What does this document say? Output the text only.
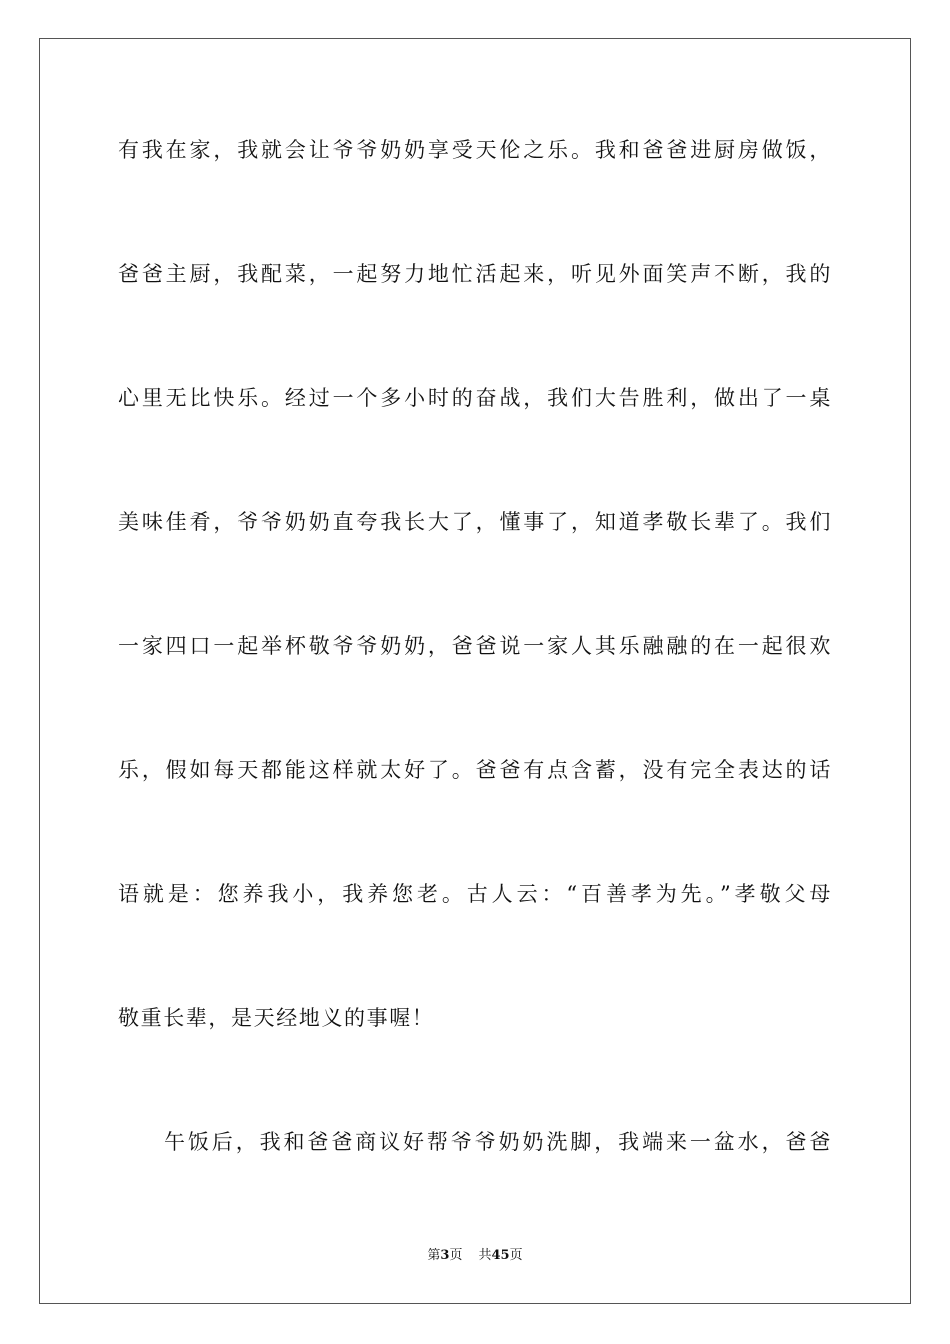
有我在家，我就会让爷爷奶奶享受天伦之乐。我和爸爸进厨房做饭，
爸爸主厨，我配菜，一起努力地忙活起来，听见外面笑声不断，我的
心里无比快乐。经过一个多小时的奋战，我们大告胜利，做出了一桌
美味佳肴，爷爷奶奶直夸我长大了，懂事了，知道孝敬长辈了。我们
一家四口一起举杯敬爷爷奶奶，爸爸说一家人其乐融融的在一起很欢
乐，假如每天都能这样就太好了。爸爸有点含蓄，没有完全表达的话
语就是：您养我小，我养您老。古人云：“百善孝为先。”孝敬父母
敬重长辈，是天经地义的事喔！
午饭后，我和爸爸商议好帮爷爷奶奶洗脚，我端来一盆水，爸爸
第3页 共45页
